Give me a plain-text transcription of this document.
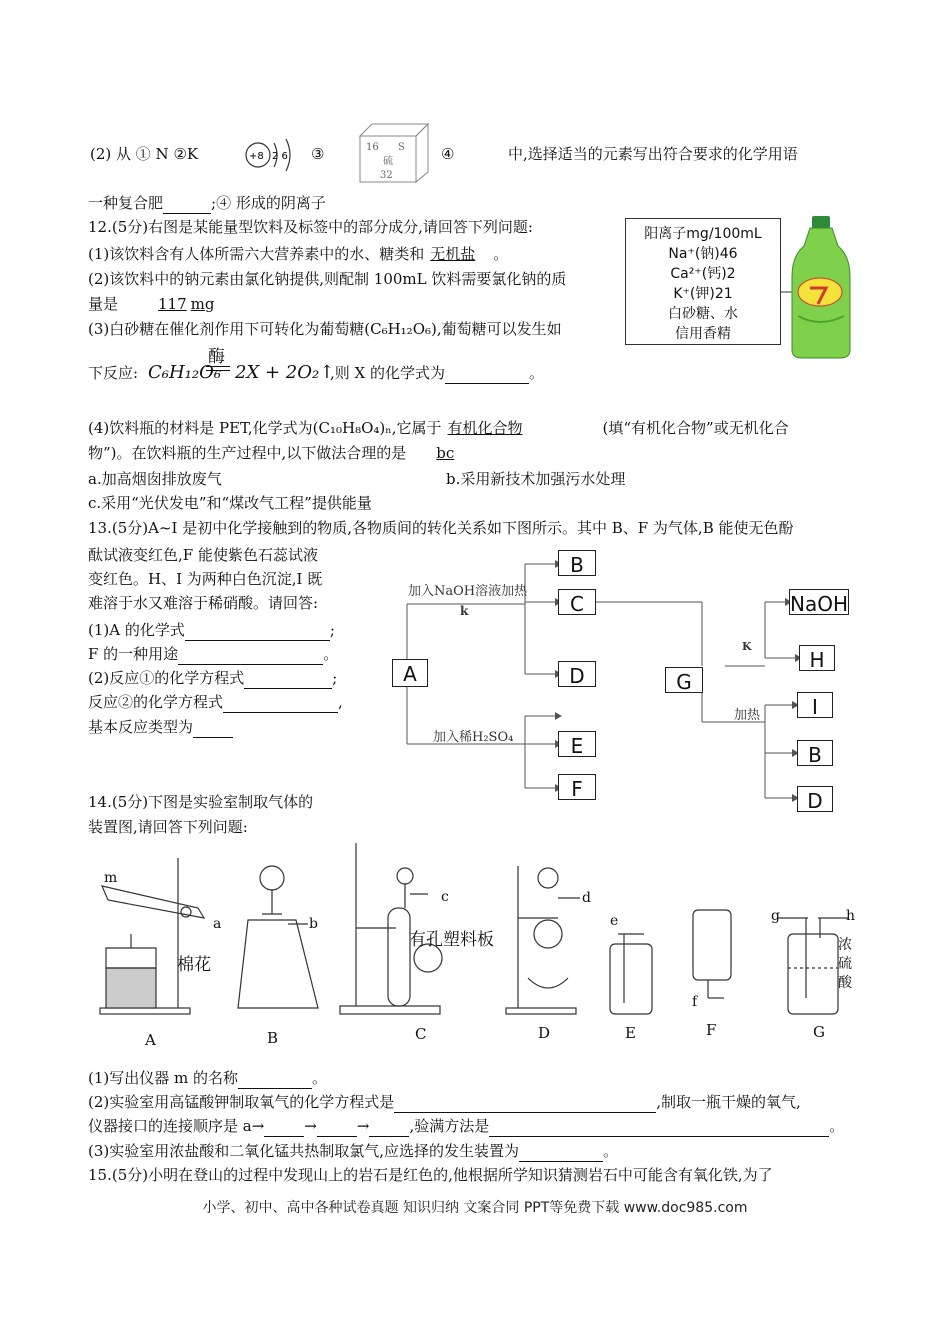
(2) 从 ① N ②K	+8 2 6 ③	16 S
硫
32
④	中,选择适当的元素写出符合要求的化学用语
一种复合肥	;④ 形成的阴离子
12.(5分)右图是某能量型饮料及标签中的部分成分,请回答下列问题:
(1)该饮料含有人体所需六大营养素中的水、糖类和 无机盐 。
(2)该饮料中的钠元素由氯化钠提供,则配制 100mL 饮料需要氯化钠的质
量是	117 mg
(3)白砂糖在催化剂作用下可转化为葡萄糖(C₆H₁₂O₆),葡萄糖可以发生如
下反应:
酶
C₆H₁₂O₆ 2X + 2O₂↑
,则 X 的化学式为	。
阳离子mg/100mL
Na⁺(钠)46
Ca²⁺(钙)2
K⁺(钾)21
白砂糖、水
信用香精
(4)饮料瓶的材料是 PET,化学式为(C₁₀H₈O₄)ₙ,它属于 有机化合物	(填“有机化合物”或无机化合
物”)。在饮料瓶的生产过程中,以下做法合理的是 bc
a.加高烟囱排放废气	b.采用新技术加强污水处理
c.采用“光伏发电”和“煤改气工程”提供能量
13.(5分)A~I 是初中化学接触到的物质,各物质间的转化关系如下图所示。其中 B、F 为气体,B 能使无色酚
酞试液变红色,F 能使紫色石蕊试液
变红色。H、I 为两种白色沉淀,I 既
难溶于水又难溶于稀硝酸。请回答:
(1)A 的化学式	;
F 的一种用途	。
(2)反应①的化学方程式	;
反应②的化学方程式	,
基本反应类型为
A
B
C
D
E
F
G
NaOH
H
I
B
D
加入NaOH溶液加热
k
加入稀H₂SO₄
K
加热
14.(5分)下图是实验室制取气体的
装置图,请回答下列问题:
m
a	b
c	d
e
f
g	h
棉花
有孔塑料板	浓
硫
酸
A	B	C	D	E	F	G
(1)写出仪器 m 的名称	。
(2)实验室用高锰酸钾制取氧气的化学方程式是	,制取一瓶干燥的氧气,
仪器接口的连接顺序是 a→	→	→	,验满方法是	。
(3)实验室用浓盐酸和二氧化锰共热制取氯气,应选择的发生装置为	。
15.(5分)小明在登山的过程中发现山上的岩石是红色的,他根据所学知识猜测岩石中可能含有氧化铁,为了
小学、初中、高中各种试卷真题 知识归纳 文案合同 PPT等免费下载 www.doc985.com
